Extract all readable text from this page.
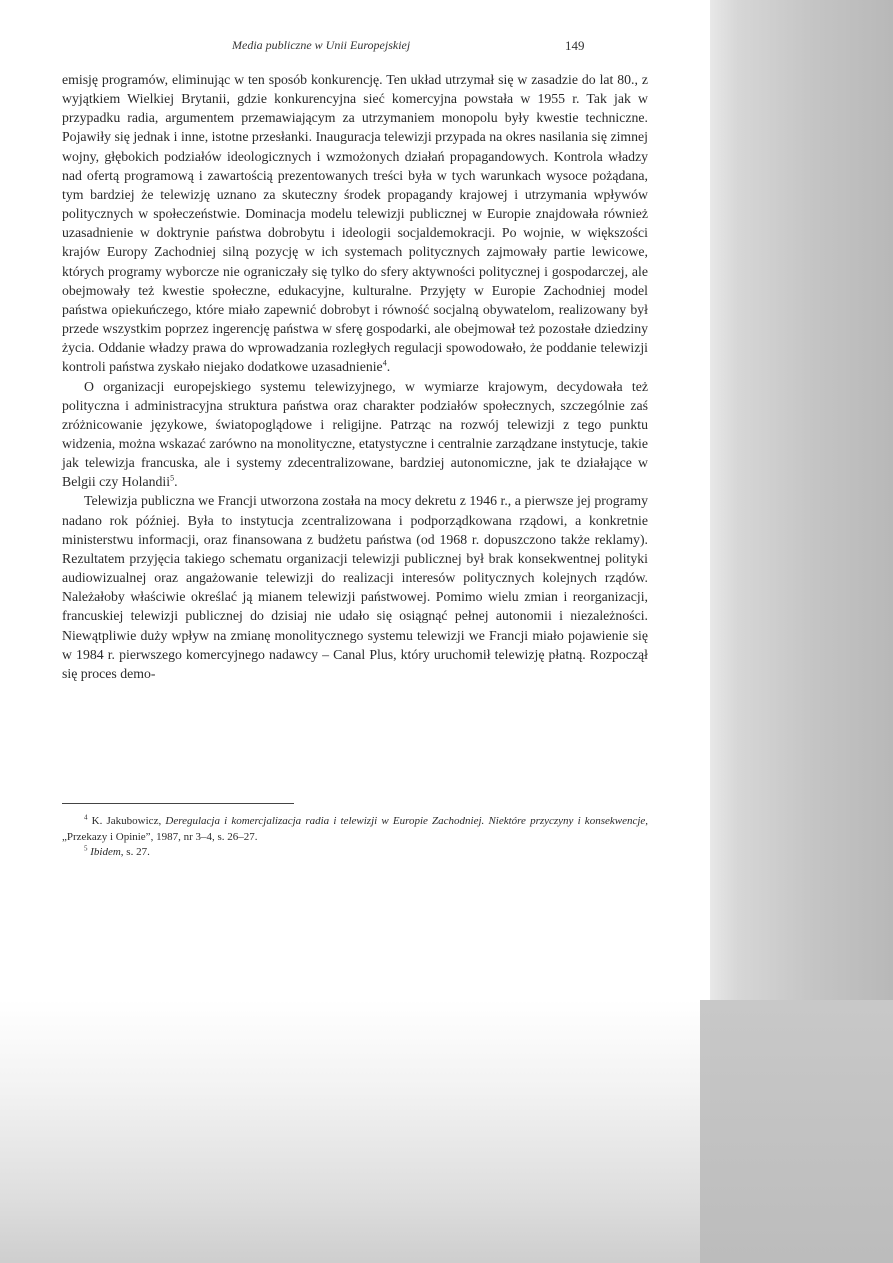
Media publiczne w Unii Europejskiej	149

emisję programów, eliminując w ten sposób konkurencję. Ten układ utrzymał się w zasadzie do lat 80., z wyjątkiem Wielkiej Brytanii, gdzie konkurencyjna sieć komercyjna powstała w 1955 r. Tak jak w przypadku radia, argumentem przemawiającym za utrzymaniem monopolu były kwestie techniczne. Pojawiły się jednak i inne, istotne przesłanki. Inauguracja telewizji przypada na okres nasilania się zimnej wojny, głębokich podziałów ideologicznych i wzmożonych działań propagandowych. Kontrola władzy nad ofertą programową i zawartością prezentowanych treści była w tych warunkach wysoce pożądana, tym bardziej że telewizję uznano za skuteczny środek propagandy krajowej i utrzymania wpływów politycznych w społeczeństwie. Dominacja modelu telewizji publicznej w Europie znajdowała również uzasadnienie w doktrynie państwa dobrobytu i ideologii socjaldemokracji. Po wojnie, w większości krajów Europy Zachodniej silną pozycję w ich systemach politycznych zajmowały partie lewicowe, których programy wyborcze nie ograniczały się tylko do sfery aktywności politycznej i gospodarczej, ale obejmowały też kwestie społeczne, edukacyjne, kulturalne. Przyjęty w Europie Zachodniej model państwa opiekuńczego, które miało zapewnić dobrobyt i równość socjalną obywatelom, realizowany był przede wszystkim poprzez ingerencję państwa w sferę gospodarki, ale obejmował też pozostałe dziedziny życia. Oddanie władzy prawa do wprowadzania rozległych regulacji spowodowało, że poddanie telewizji kontroli państwa zyskało niejako dodatkowe uzasadnienie$^4$.

O organizacji europejskiego systemu telewizyjnego, w wymiarze krajowym, decydowała też polityczna i administracyjna struktura państwa oraz charakter podziałów społecznych, szczególnie zaś zróżnicowanie językowe, światopoglądowe i religijne. Patrząc na rozwój telewizji z tego punktu widzenia, można wskazać zarówno na monolityczne, etatystyczne i centralnie zarządzane instytucje, takie jak telewizja francuska, ale i systemy zdecentralizowane, bardziej autonomiczne, jak te działające w Belgii czy Holandii$^5$.

Telewizja publiczna we Francji utworzona została na mocy dekretu z 1946 r., a pierwsze jej programy nadano rok później. Była to instytucja zcentralizowana i podporządkowana rządowi, a konkretnie ministerstwu informacji, oraz finansowana z budżetu państwa (od 1968 r. dopuszczono także reklamy). Rezultatem przyjęcia takiego schematu organizacji telewizji publicznej był brak konsekwentnej polityki audiowizualnej oraz angażowanie telewizji do realizacji interesów politycznych kolejnych rządów. Należałoby właściwie określać ją mianem telewizji państwowej. Pomimo wielu zmian i reorganizacji, francuskiej telewizji publicznej do dzisiaj nie udało się osiągnąć pełnej autonomii i niezależności. Niewątpliwie duży wpływ na zmianę monolitycznego systemu telewizji we Francji miało pojawienie się w 1984 r. pierwszego komercyjnego nadawcy – Canal Plus, który uruchomił telewizję płatną. Rozpoczął się proces demo-

$^4$ K. Jakubowicz, Deregulacja i komercjalizacja radia i telewizji w Europie Zachodniej. Niektóre przyczyny i konsekwencje, „Przekazy i Opinie”, 1987, nr 3–4, s. 26–27.

$^5$ Ibidem, s. 27.
